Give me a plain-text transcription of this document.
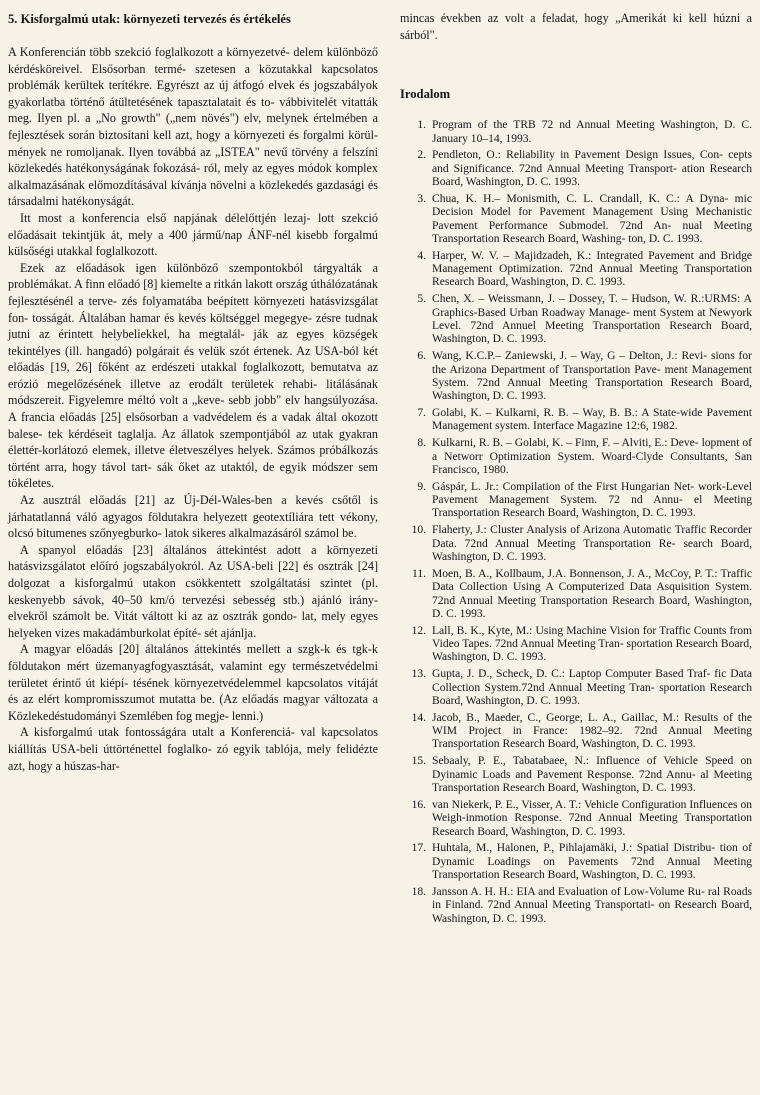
5. Kisforgalmú utak: környezeti tervezés és értékelés

A Konferencián több szekció foglalkozott a környezetvé- delem különböző kérdésköreivel. Elsősorban termé- szetesen a közutakkal kapcsolatos problémák kerültek terítékre. Egyrészt az új átfogó elvek és jogszabályok gyakorlatba történő átültetésének tapasztalatait és to- vábbivitelét vitatták meg. Ilyen pl. a „No growth" („nem növés") elv, melynek értelmében a fejlesztések során biztosítani kell azt, hogy a környezeti és forgalmi körül- mények ne romoljanak. Ilyen továbbá az „ISTEA" nevű törvény a felszíni közlekedés hatékonyságának fokozásá- ról, mely az egyes módok komplex alkalmazásának előmozdításával kívánja növelni a közlekedés gazdasági és társadalmi hatékonyságát.

Itt most a konferencia első napjának délelőttjén lezaj- lott szekció előadásait tekintjük át, mely a 400 jármű/nap ÁNF-nél kisebb forgalmú külsőségi utakkal foglalkozott.

Ezek az előadások igen különböző szempontokból tárgyalták a problémákat. A finn előadó [8] kiemelte a ritkán lakott ország úthálózatának fejlesztésénél a terve- zés folyamatába beépített környezeti hatásvizsgálat fon- tosságát. Általában hamar és kevés költséggel megegye- zésre tudnak jutni az érintett helybeliekkel, ha megtalál- ják az egyes községek tekintélyes (ill. hangadó) polgárait és velük szót értenek. Az USA-ból két előadás [19, 26] főként az erdészeti utakkal foglalkozott, bemutatva az erózió megelőzésének illetve az erodált területek rehabi- litálásának módszereit. Figyelemre méltó volt a „keve- sebb jobb" elv hangsúlyozása. A francia előadás [25] elsősorban a vadvédelem és a vadak által okozott balese- tek kérdéseit taglalja. Az állatok szempontjából az utak gyakran élettér-korlátozó elemek, illetve életveszélyes helyek. Számos próbálkozás történt arra, hogy távol tart- sák őket az utaktól, de egyik módszer sem tökéletes.

Az ausztrál előadás [21] az Új-Dél-Wales-ben a kevés csőtől is járhatatlanná váló agyagos földutakra helyezett geotextíliára tett vékony, olcsó bitumenes szőnyegburko- latok sikeres alkalmazásáról számol be.

A spanyol előadás [23] általános áttekintést adott a környezeti hatásvizsgálatot előíró jogszabályokról. Az USA-beli [22] és osztrák [24] dolgozat a kisforgalmú utakon csökkentett szolgáltatási szintet (pl. keskenyebb sávok, 40–50 km/ó tervezési sebesség stb.) ajánló irány- elvekről számolt be. Vitát váltott ki az az osztrák gondo- lat, mely egyes helyeken vizes makadámburkolat építé- sét ajánlja.

A magyar előadás [20] általános áttekintés mellett a szgk-k és tgk-k földutakon mért üzemanyagfogyasztását, valamint egy természetvédelmi területet érintő út kiépí- tésének környezetvédelemmel kapcsolatos vitáját és az elért kompromisszumot mutatta be. (Az előadás magyar változata a Közlekedéstudományi Szemlében fog megje- lenni.)

A kisforgalmú utak fontosságára utalt a Konferenciá- val kapcsolatos kiállítás USA-beli úttörténettel foglalko- zó egyik tablója, mely felidézte azt, hogy a húszas-har-

mincas években az volt a feladat, hogy „Amerikát ki kell húzni a sárból".

Irodalom
1. Program of the TRB 72 nd Annual Meeting Washington, D. C. January 10–14, 1993.
2. Pendleton, O.: Reliability in Pavement Design Issues, Con- cepts and Significance. 72nd Annual Meeting Transport- ation Research Board, Washington, D. C. 1993.
3. Chua, K. H.– Monismith, C. L. Crandall, K. C.: A Dyna- mic Decision Model for Pavement Management Using Mechanistic Pavement Performance Submodel. 72nd An- nual Meeting Transportation Research Board, Washing- ton, D. C. 1993.
4. Harper, W. V. – Majidzadeh, K.: Integrated Pavement and Bridge Management Optimization. 72nd Annual Meeting Transportation Research Board, Washington, D. C. 1993.
5. Chen, X. – Weissmann, J. – Dossey, T. – Hudson, W. R.:URMS: A Graphics-Based Urban Roadway Manage- ment System at Newyork Level. 72nd Annuel Meeting Transportation Research Board, Washington, D. C. 1993.
6. Wang, K.C.P.– Zaniewski, J. – Way, G – Delton, J.: Revi- sions for the Arizona Department of Transportation Pave- ment Management System. 72nd Annual Meeting Transportation Research Board, Washington, D. C. 1993.
7. Golabi, K. – Kulkarni, R. B. – Way, B. B.: A State-wide Pavement Management system. Interface Magazine 12:6, 1982.
8. Kulkarni, R. B. – Golabi, K. – Finn, F. – Alviti, E.: Deve- lopment of a Networr Optimization System. Woard-Clyde Consultants, San Francisco, 1980.
9. Gáspár, L. Jr.: Compilation of the First Hungarian Net- work-Level Pavement Management System. 72 nd Annu- el Meeting Transportation Research Board, Washington, D. C. 1993.
10. Flaherty, J.: Cluster Analysis of Arizona Automatic Traffic Recorder Data. 72nd Annual Meeting Transportation Re- search Board, Washington, D. C. 1993.
11. Moen, B. A., Kollbaum, J.A. Bonnenson, J. A., McCoy, P. T.: Traffic Data Collection Using A Computerized Data Asquisition System. 72nd Annual Meeting Transportation Research Board, Washington, D. C. 1993.
12. Lall, B. K., Kyte, M.: Using Machine Vision for Traffic Counts from Video Tapes. 72nd Annual Meeting Tran- sportation Research Board, Washington, D. C. 1993.
13. Gupta, J. D., Scheck, D. C.: Laptop Computer Based Traf- fic Data Collection System.72nd Annual Meeting Tran- sportation Research Board, Washington, D. C. 1993.
14. Jacob, B., Maeder, C., George, L. A., Gaillac, M.: Results of the WIM Project in France: 1982–92. 72nd Annual Meeting Transportation Research Board, Washington, D. C. 1993.
15. Sebaaly, P. E., Tabatabaee, N.: Influence of Vehicle Speed on Dyinamic Loads and Pavement Response. 72nd Annu- al Meeting Transportation Research Board, Washington, D. C. 1993.
16. van Niekerk, P. E., Visser, A. T.: Vehicle Configuration Influences on Weigh-inmotion Response. 72nd Annual Meeting Transportation Research Board, Washington, D. C. 1993.
17. Huhtala, M., Halonen, P., Pihlajamäki, J.: Spatial Distribu- tion of Dynamic Loadings on Pavements 72nd Annual Meeting Transportation Research Board, Washington, D. C. 1993.
18. Jansson A. H. H.: EIA and Evaluation of Low-Volume Ru- ral Roads in Finland. 72nd Annual Meeting Transportati- on Research Board, Washington, D. C. 1993.
